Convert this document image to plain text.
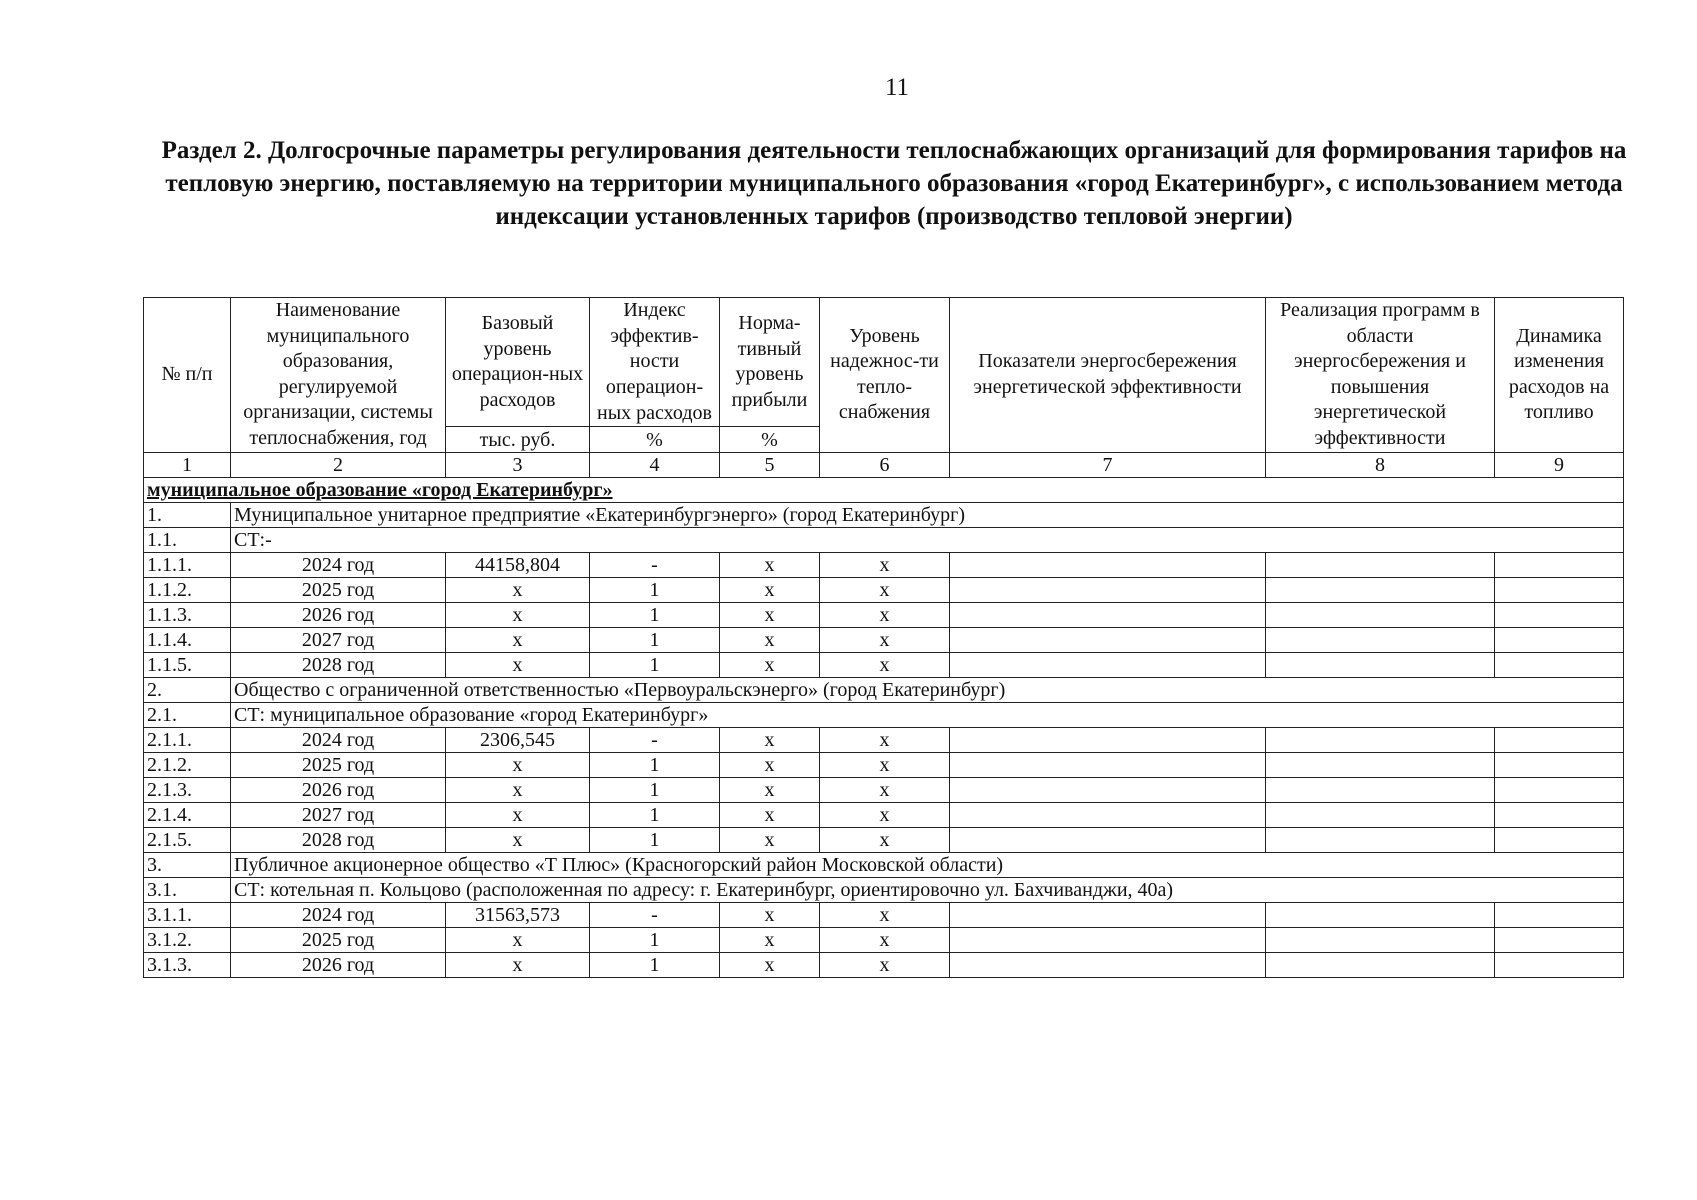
11
Раздел 2. Долгосрочные параметры регулирования деятельности теплоснабжающих организаций для формирования тарифов на тепловую энергию, поставляемую на территории муниципального образования «город Екатеринбург», с использованием метода индексации установленных тарифов (производство тепловой энергии)
№ п/п	Наименование муниципального образования, регулируемой организации, системы теплоснабжения, год	Базовый уровень операцион-ных расходов	Индекс эффектив-ности операцион-ных расходов	Норма-тивный уровень прибыли	Уровень надежнос-ти тепло-снабжения	Показатели энергосбережения энергетической эффективности	Реализация программ в области энергосбережения и повышения энергетической эффективности	Динамика изменения расходов на топливо
		тыс. руб.	%	%				
1	2	3	4	5	6	7	8	9
муниципальное образование «город Екатеринбург»								
1.	Муниципальное унитарное предприятие «Екатеринбургэнерго» (город Екатеринбург)							
1.1.	СТ:-							
1.1.1.	2024 год	44158,804	-	х	х			
1.1.2.	2025 год	х	1	х	х			
1.1.3.	2026 год	х	1	х	х			
1.1.4.	2027 год	х	1	х	х			
1.1.5.	2028 год	х	1	х	х			
2.	Общество с ограниченной ответственностью «Первоуральскэнерго» (город Екатеринбург)							
2.1.	СТ: муниципальное образование «город Екатеринбург»							
2.1.1.	2024 год	2306,545	-	х	х			
2.1.2.	2025 год	х	1	х	х			
2.1.3.	2026 год	х	1	х	х			
2.1.4.	2027 год	х	1	х	х			
2.1.5.	2028 год	х	1	х	х			
3.	Публичное акционерное общество «Т Плюс» (Красногорский район Московской области)							
3.1.	СТ: котельная п. Кольцово (расположенная по адресу: г. Екатеринбург, ориентировочно ул. Бахчиванджи, 40а)							
3.1.1.	2024 год	31563,573	-	х	х			
3.1.2.	2025 год	х	1	х	х			
3.1.3.	2026 год	х	1	х	х			
